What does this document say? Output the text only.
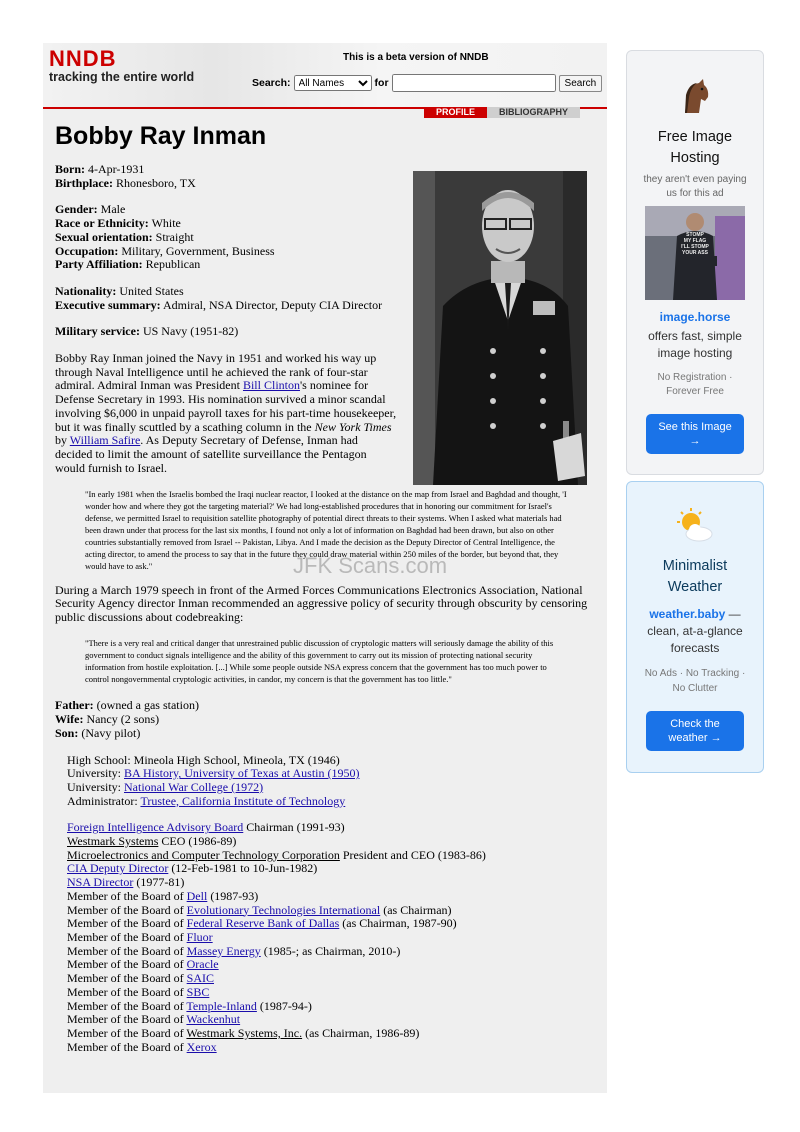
NNDB
tracking the entire world
This is a beta version of NNDB
Search:
All Names	for	Search
PROFILE	BIBLIOGRAPHY
Bobby Ray Inman

Born: 4-Apr-1931

Birthplace: Rhonesboro, TX

Gender: Male

Race or Ethnicity: White

Sexual orientation: Straight

Occupation: Military, Government, Business

Party Affiliation: Republican

Nationality: United States

Executive summary: Admiral, NSA Director, Deputy CIA Director

Military service: US Navy (1951-82)

Bobby Ray Inman joined the Navy in 1951 and worked his way up through Naval Intelligence until he achieved the rank of four-star admiral. Admiral Inman was President Bill Clinton's nominee for Defense Secretary in 1993. His nomination survived a minor scandal involving $6,000 in unpaid payroll taxes for his part-time housekeeper, but it was finally scuttled by a scathing column in the New York Times by William Safire. As Deputy Secretary of Defense, Inman had decided to limit the amount of satellite surveillance the Pentagon would furnish to Israel.

"In early 1981 when the Israelis bombed the Iraqi nuclear reactor, I looked at the distance on the map from Israel and Baghdad and thought, 'I wonder how and where they got the targeting material?' We had long-established procedures that in honoring our commitment for Israel's defense, we permitted Israel to requisition satellite photography of potential direct threats to their systems. When I asked what materials had been drawn under that process for the last six months, I found not only a lot of information on Baghdad had been drawn, but also on other countries substantially removed from Israel -- Pakistan, Libya. And I made the decision as the Deputy Director of Central Intelligence, the acting director, to amend the process to say that in the future they could draw material within 250 miles of the border, but beyond that, they would have to ask."	JFK Scans.com

During a March 1979 speech in front of the Armed Forces Communications Electronics Association, National Security Agency director Inman recommended an aggressive policy of security through obscurity by censoring public discussions about codebreaking:

"There is a very real and critical danger that unrestrained public discussion of cryptologic matters will seriously damage the ability of this government to conduct signals intelligence and the ability of this government to carry out its mission of protecting national security information from hostile exploitation. [...] While some people outside NSA express concern that the government has too much power to control nongovernmental cryptologic activities, in candor, my concern is that the government has too little."

Father: (owned a gas station)

Wife: Nancy (2 sons)

Son: (Navy pilot)

High School: Mineola High School, Mineola, TX (1946)
University: BA History, University of Texas at Austin (1950)
University: National War College (1972)
Administrator: Trustee, California Institute of Technology
Foreign Intelligence Advisory Board Chairman (1991-93)
Westmark Systems CEO (1986-89)
Microelectronics and Computer Technology Corporation President and CEO (1983-86)
CIA Deputy Director (12-Feb-1981 to 10-Jun-1982)
NSA Director (1977-81)
Member of the Board of Dell (1987-93)
Member of the Board of Evolutionary Technologies International (as Chairman)
Member of the Board of Federal Reserve Bank of Dallas (as Chairman, 1987-90)
Member of the Board of Fluor
Member of the Board of Massey Energy (1985-; as Chairman, 2010-)
Member of the Board of Oracle
Member of the Board of SAIC
Member of the Board of SBC
Member of the Board of Temple-Inland (1987-94-)
Member of the Board of Wackenhut
Member of the Board of Westmark Systems, Inc. (as Chairman, 1986-89)
Member of the Board of Xerox
Free Image Hosting
they aren't even paying us for this ad
STOMP
MY FLAG
I'LL STOMP
YOUR ASS
image.horse
offers fast, simple image hosting
No Registration · Forever Free
See this Image →
Minimalist Weather
weather.baby — clean, at-a-glance forecasts
No Ads · No Tracking · No Clutter
Check the weather →
